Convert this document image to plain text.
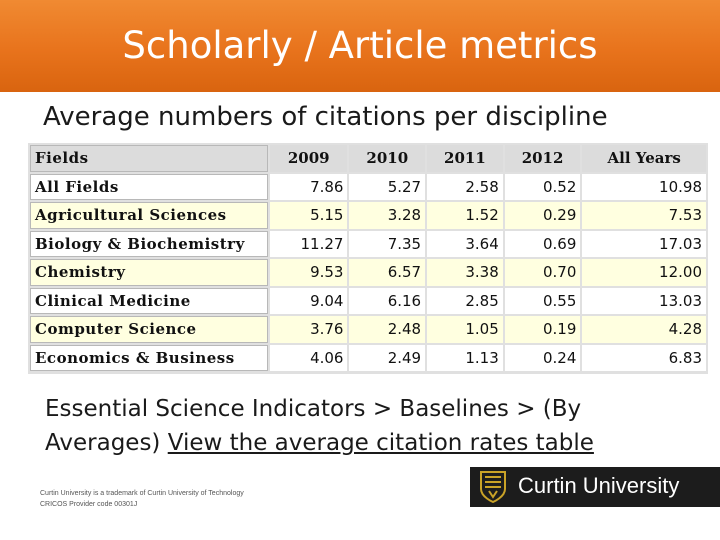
Scholarly / Article metrics
Average numbers of citations per discipline
Fields	2009	2010	2011	2012	All Years
All Fields	7.86	5.27	2.58	0.52	10.98
Agricultural Sciences	5.15	3.28	1.52	0.29	7.53
Biology & Biochemistry	11.27	7.35	3.64	0.69	17.03
Chemistry	9.53	6.57	3.38	0.70	12.00
Clinical Medicine	9.04	6.16	2.85	0.55	13.03
Computer Science	3.76	2.48	1.05	0.19	4.28
Economics & Business	4.06	2.49	1.13	0.24	6.83
Essential Science Indicators > Baselines > (By Averages) View the average citation rates table
Curtin University is a trademark of Curtin University of Technology
CRICOS Provider code 00301J
Curtin University
